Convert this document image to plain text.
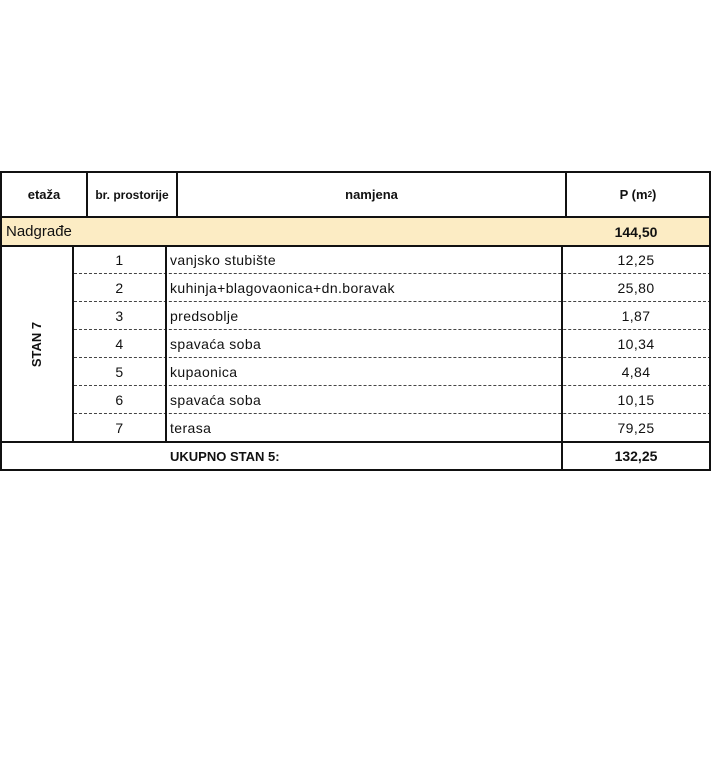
etaža	br. prostorije	namjena	P (m 2 )
Nadgrađe	144,50
STAN 7
1	vanjsko stubište	12,25
2	kuhinja+blagovaonica+dn.boravak	25,80
3	predsoblje	1,87
4	spavaća soba	10,34
5	kupaonica	4,84
6	spavaća soba	10,15
7	terasa	79,25
UKUPNO STAN 5:	132,25
